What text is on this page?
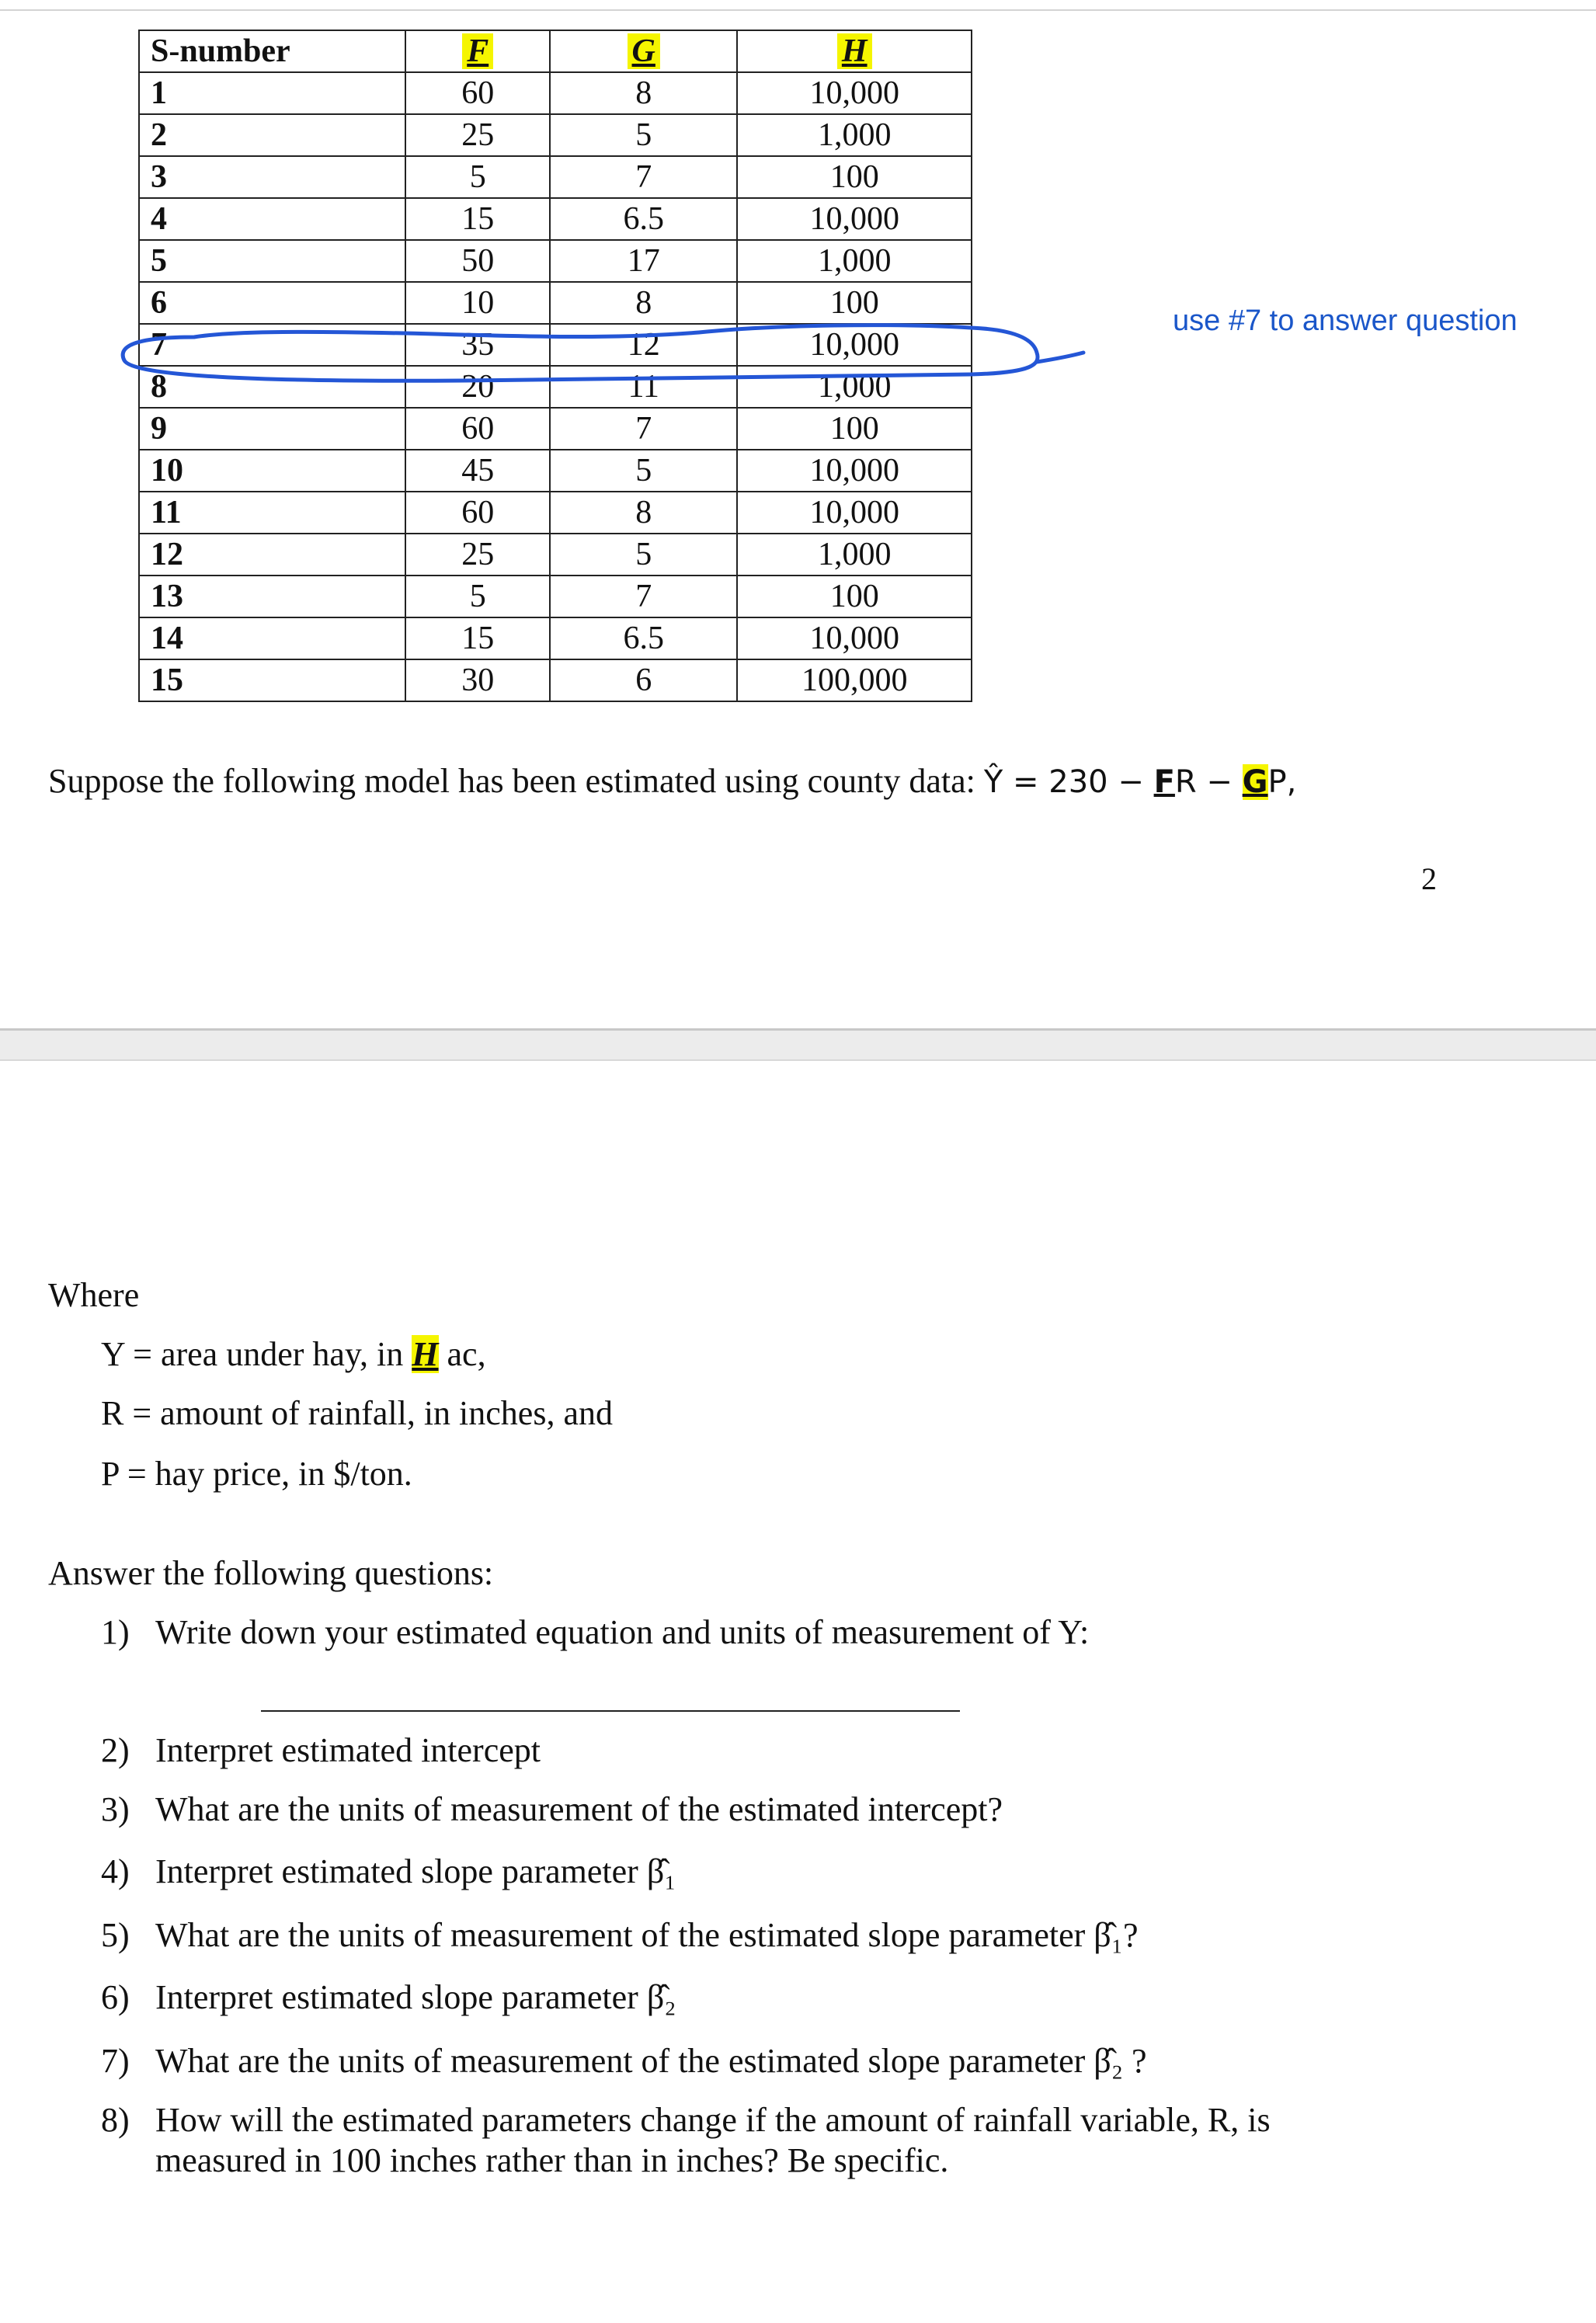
S-number	F	G	H
1	60	8	10,000
2	25	5	1,000
3	5	7	100
4	15	6.5	10,000
5	50	17	1,000
6	10	8	100
7	35	12	10,000
8	20	11	1,000
9	60	7	100
10	45	5	10,000
11	60	8	10,000
12	25	5	1,000
13	5	7	100
14	15	6.5	10,000
15	30	6	100,000
use #7 to answer question
Suppose the following model has been estimated using county data: Ŷ = 230 − FR − GP,
2
Where
Y = area under hay, in H ac,
R = amount of rainfall, in inches, and
P = hay price, in $/ton.
Answer the following questions:
1) Write down your estimated equation and units of measurement of Y:
2) Interpret estimated intercept
3) What are the units of measurement of the estimated intercept?
4) Interpret estimated slope parameter β̂₁
5) What are the units of measurement of the estimated slope parameter β̂₁?
6) Interpret estimated slope parameter β̂₂
7) What are the units of measurement of the estimated slope parameter β̂₂ ?
8) How will the estimated parameters change if the amount of rainfall variable, R, is
measured in 100 inches rather than in inches? Be specific.
